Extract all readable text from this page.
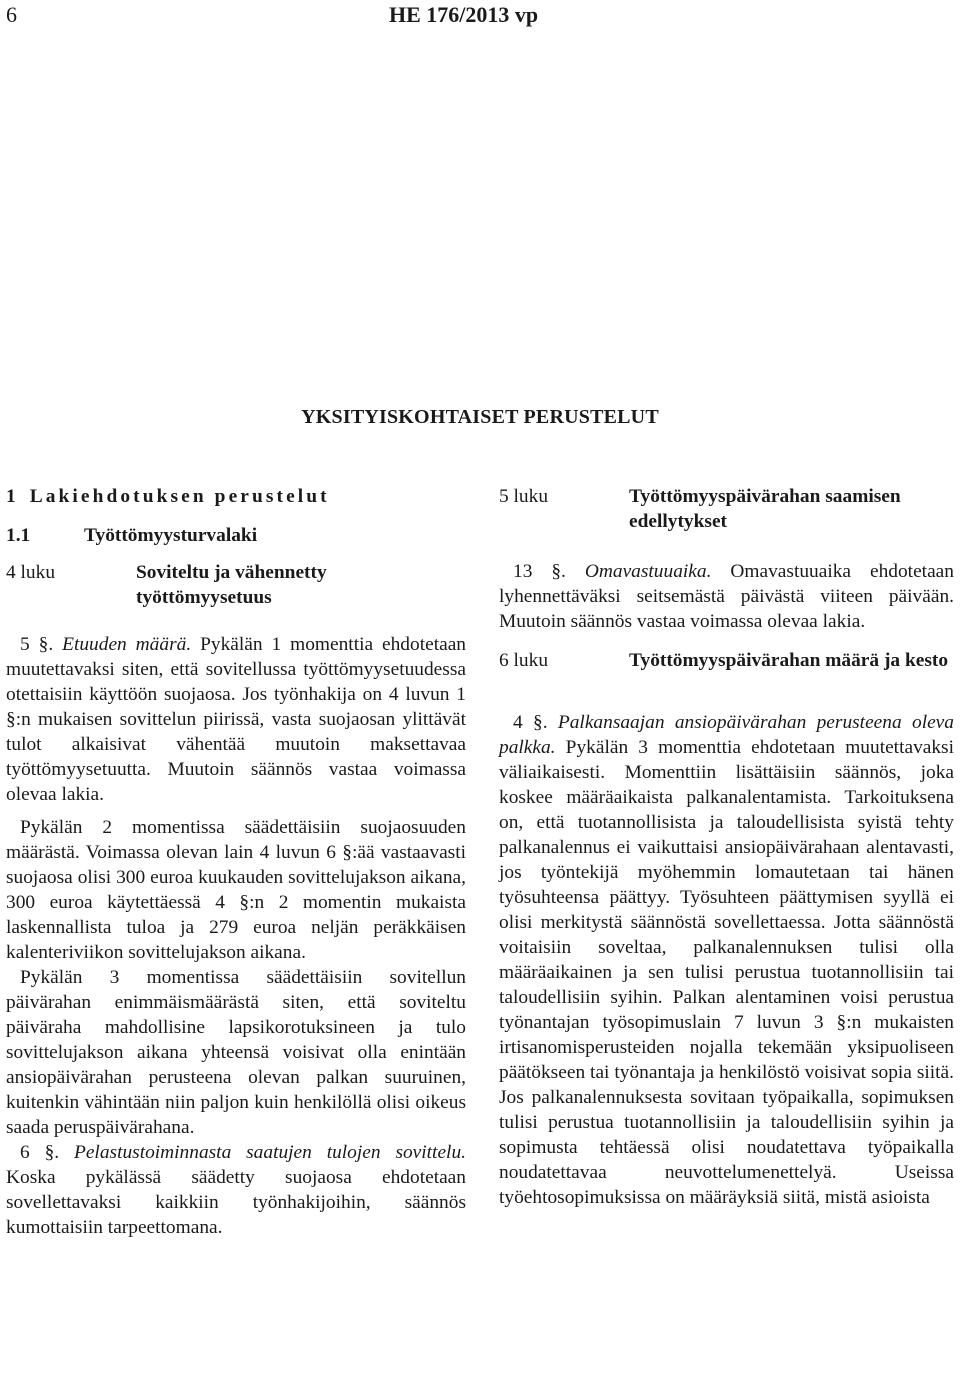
6	HE 176/2013 vp
YKSITYISKOHTAISET PERUSTELUT
1 Lakiehdotuksen perustelut
1.1	Työttömyysturvalaki
4 luku	Soviteltu ja vähennetty työttömyysetuus

5 §. Etuuden määrä. Pykälän 1 momenttia ehdotetaan muutettavaksi siten, että sovitellussa työttömyysetuudessa otettaisiin käyttöön suojaosa. Jos työnhakija on 4 luvun 1 §:n mukaisen sovittelun piirissä, vasta suojaosan ylittävät tulot alkaisivat vähentää muutoin maksettavaa työttömyysetuutta. Muutoin säännös vastaa voimassa olevaa lakia.

Pykälän 2 momentissa säädettäisiin suojaosuuden määrästä. Voimassa olevan lain 4 luvun 6 §:ää vastaavasti suojaosa olisi 300 euroa kuukauden sovittelujakson aikana, 300 euroa käytettäessä 4 §:n 2 momentin mukaista laskennallista tuloa ja 279 euroa neljän peräkkäisen kalenteriviikon sovittelujakson aikana.

Pykälän 3 momentissa säädettäisiin sovitellun päivärahan enimmäismäärästä siten, että soviteltu päiväraha mahdollisine lapsikorotuksineen ja tulo sovittelujakson aikana yhteensä voisivat olla enintään ansiopäivärahan perusteena olevan palkan suuruinen, kuitenkin vähintään niin paljon kuin henkilöllä olisi oikeus saada peruspäivärahana.

6 §. Pelastustoiminnasta saatujen tulojen sovittelu. Koska pykälässä säädetty suojaosa ehdotetaan sovellettavaksi kaikkiin työnhakijoihin, säännös kumottaisiin tarpeettomana.

5 luku	Työttömyyspäivärahan saamisen edellytykset

13 §. Omavastuuaika. Omavastuuaika ehdotetaan lyhennettäväksi seitsemästä päivästä viiteen päivään. Muutoin säännös vastaa voimassa olevaa lakia.

6 luku	Työttömyyspäivärahan määrä ja kesto

4 §. Palkansaajan ansiopäivärahan perusteena oleva palkka. Pykälän 3 momenttia ehdotetaan muutettavaksi väliaikaisesti. Momenttiin lisättäisiin säännös, joka koskee määräaikaista palkanalentamista. Tarkoituksena on, että tuotannollisista ja taloudellisista syistä tehty palkanalennus ei vaikuttaisi ansiopäivärahaan alentavasti, jos työntekijä myöhemmin lomautetaan tai hänen työsuhteensa päättyy. Työsuhteen päättymisen syyllä ei olisi merkitystä säännöstä sovellettaessa. Jotta säännöstä voitaisiin soveltaa, palkanalennuksen tulisi olla määräaikainen ja sen tulisi perustua tuotannollisiin tai taloudellisiin syihin. Palkan alentaminen voisi perustua työnantajan työsopimuslain 7 luvun 3 §:n mukaisten irtisanomisperusteiden nojalla tekemään yksipuoliseen päätökseen tai työnantaja ja henkilöstö voisivat sopia siitä. Jos palkanalennuksesta sovitaan työpaikalla, sopimuksen tulisi perustua tuotannollisiin ja taloudellisiin syihin ja sopimusta tehtäessä olisi noudatettava työpaikalla noudatettavaa neuvottelumenettelyä. Useissa työehtosopimuksissa on määräyksiä siitä, mistä asioista
